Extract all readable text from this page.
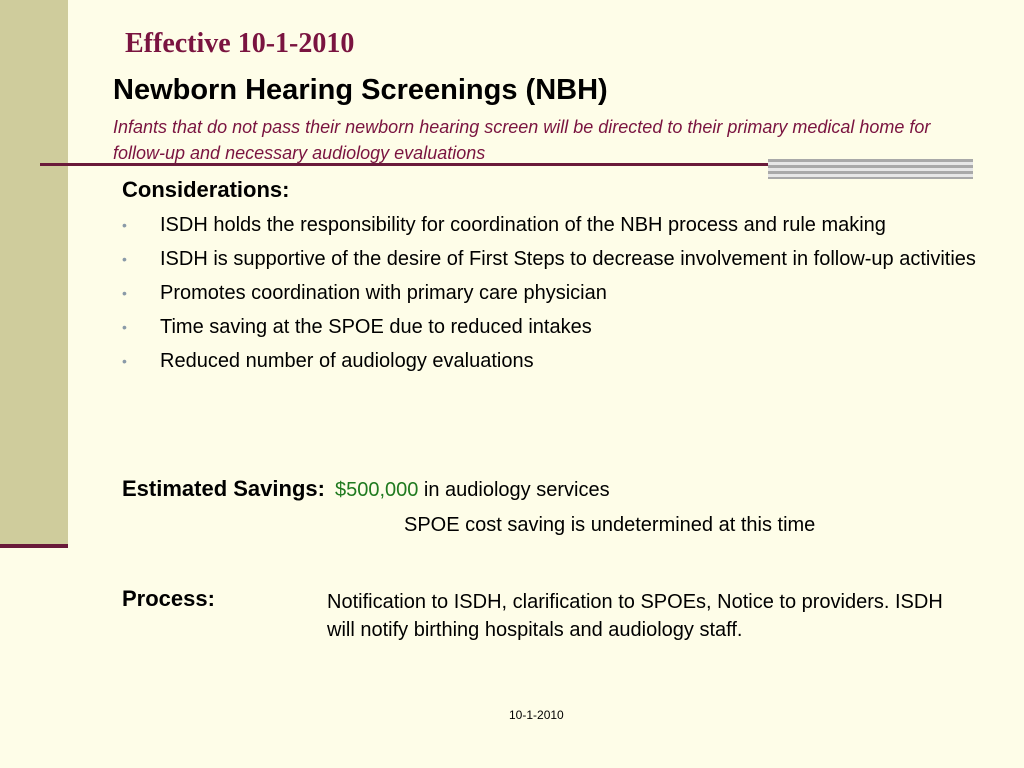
Effective 10-1-2010
Newborn Hearing Screenings (NBH)
Infants that do not pass their newborn hearing screen will be directed to their primary medical home for follow-up and necessary audiology evaluations
Considerations:
• ISDH holds the responsibility for coordination of the NBH process and rule making
• ISDH is supportive of the desire of First Steps to decrease involvement in follow-up activities
• Promotes coordination with primary care physician
• Time saving at the SPOE due to reduced intakes
• Reduced number of audiology evaluations
Estimated Savings: $500,000 in audiology services
SPOE cost saving is undetermined at this time
Process:	Notification to ISDH, clarification to SPOEs, Notice to providers. ISDH will notify birthing hospitals and audiology staff.
10-1-2010
